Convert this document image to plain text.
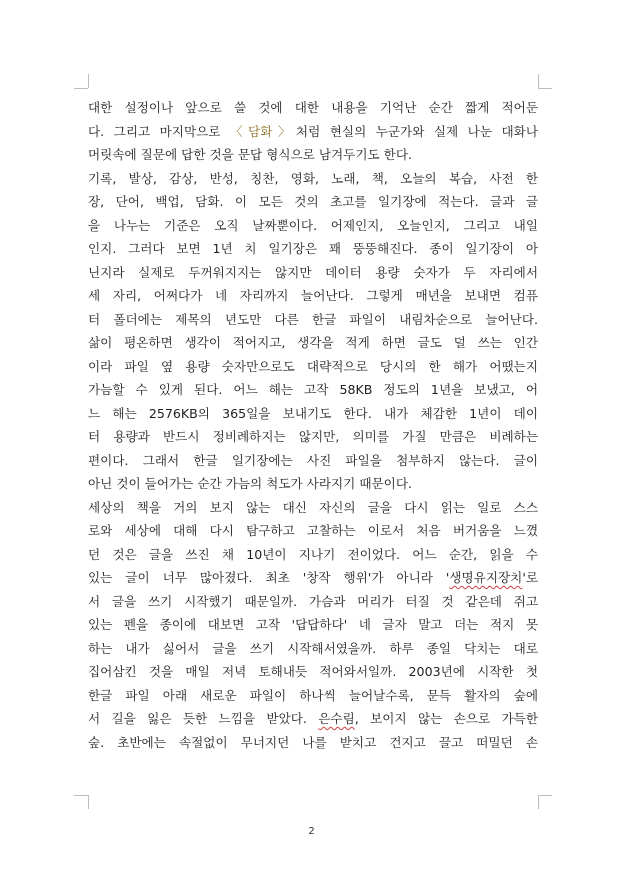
대한 설정이나 앞으로 쓸 것에 대한 내용을 기억난 순간 짧게 적어둔
다. 그리고 마지막으로 〈담화〉처럼 현실의 누군가와 실제 나눈 대화나
머릿속에 질문에 답한 것을 문답 형식으로 남겨두기도 한다.
기록, 발상, 감상, 반성, 칭찬, 영화, 노래, 책, 오늘의 복습, 사전 한
장, 단어, 백업, 담화. 이 모든 것의 초고를 일기장에 적는다. 글과 글
을 나누는 기준은 오직 날짜뿐이다. 어제인지, 오늘인지, 그리고 내일
인지. 그러다 보면 1년 치 일기장은 꽤 뚱뚱해진다. 종이 일기장이 아
닌지라 실제로 두꺼워지지는 않지만 데이터 용량 숫자가 두 자리에서
세 자리, 어쩌다가 네 자리까지 늘어난다. 그렇게 매년을 보내면 컴퓨
터 폴더에는 제목의 년도만 다른 한글 파일이 내림차순으로 늘어난다.
삶이 평온하면 생각이 적어지고, 생각을 적게 하면 글도 덜 쓰는 인간
이라 파일 옆 용량 숫자만으로도 대략적으로 당시의 한 해가 어땠는지
가늠할 수 있게 된다. 어느 해는 고작 58KB 정도의 1년을 보냈고, 어
느 해는 2576KB의 365일을 보내기도 한다. 내가 체감한 1년이 데이
터 용량과 반드시 정비례하지는 않지만, 의미를 가질 만큼은 비례하는
편이다. 그래서 한글 일기장에는 사진 파일을 첨부하지 않는다. 글이
아닌 것이 들어가는 순간 가늠의 척도가 사라지기 때문이다.
세상의 책을 거의 보지 않는 대신 자신의 글을 다시 읽는 일로 스스
로와 세상에 대해 다시 탐구하고 고찰하는 이로서 처음 버거움을 느꼈
던 것은 글을 쓰진 채 10년이 지나기 전이었다. 어느 순간, 읽을 수
있는 글이 너무 많아졌다. 최초 '창작 행위'가 아니라 '생명유지장치'로
서 글을 쓰기 시작했기 때문일까. 가슴과 머리가 터질 것 같은데 쥐고
있는 펜을 종이에 대보면 고작 '답답하다' 네 글자 말고 더는 적지 못
하는 내가 싫어서 글을 쓰기 시작해서였을까. 하루 종일 닥치는 대로
집어삼킨 것을 매일 저녁 토해내듯 적어와서일까. 2003년에 시작한 첫
한글 파일 아래 새로운 파일이 하나씩 늘어날수록, 문득 활자의 숲에
서 길을 잃은 듯한 느낌을 받았다. 은수림, 보이지 않는 손으로 가득한
숲. 초반에는 속절없이 무너지던 나를 받치고 건지고 끌고 떠밀던 손
2
